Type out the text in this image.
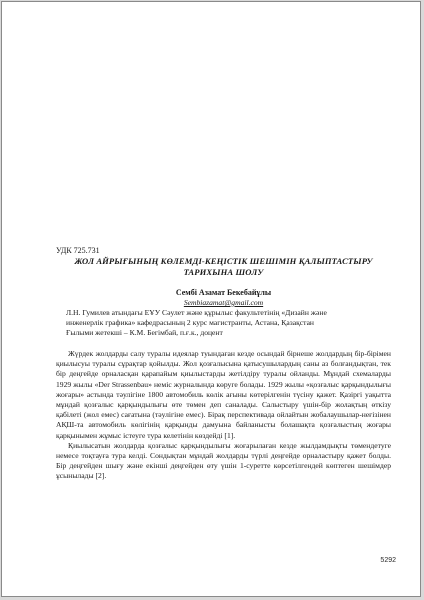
УДК 725.731

ЖОЛ АЙРЫҒЫНЫҢ КӨЛЕМДІ-КЕҢІСТІК ШЕШІМІН ҚАЛЫПТАСТЫРУ

ТАРИХЫНА ШОЛУ

Сембі Азамат Бекебайұлы

Sembiazamat@gmail.com

Л.Н. Гумилев атындағы ЕҰУ Сәулет және құрылыс факультетінің «Дизайн және

инженерлік графика» кафедрасының 2 курс магистранты, Астана, Қазақстан

Ғылыми жетекші – К.М. Бегімбай, п.ғ.к., доцент

Жүрдек жолдарды салу туралы идеялар туындаған кезде осындай бірнеше жолдардың бір-бірімен қиылысуы туралы сұрақтар қойылды. Жол қозғалысына қатысушылардың саны аз болғандықтан, тек бір деңгейде орналасқан қарапайым қиылыстарды жетілдіру туралы ойланды. Мұндай схемаларды 1929 жылы «Der Strassenbau» неміс журналында көруге болады. 1929 жылы «қозғалыс қарқындылығы жоғары» астында тәулігіне 1800 автомобиль көлік ағыны көтерілгенін түсіну қажет. Қазіргі уақытта мұндай қозғалыс қарқындылығы өте төмен деп саналады. Салыстыру үшін-бір жолақтың өткізу қабілеті (жол емес) сағатына (тәулігіне емес). Бірақ перспективада ойлайтын жобалаушылар-неғізінен АҚШ-та автомобиль көлігінің қарқынды дамуына байланысты болашақта қозғалыстың жоғары қарқынымен жұмыс істеуге тура келетінін көздейді [1].

Қиылысатын жолдарда қозғалыс қарқындылығы жоғарылаған кезде жылдамдықты төмендетуге немесе тоқтауға тура келді. Сондықтан мұндай жолдарды түрлі деңгейде орналастыру қажет болды. Бір деңгейден шығу және екінші деңгейден өту үшін 1-суретте көрсетілгендей көптеген шешімдер ұсынылады [2].

5292
